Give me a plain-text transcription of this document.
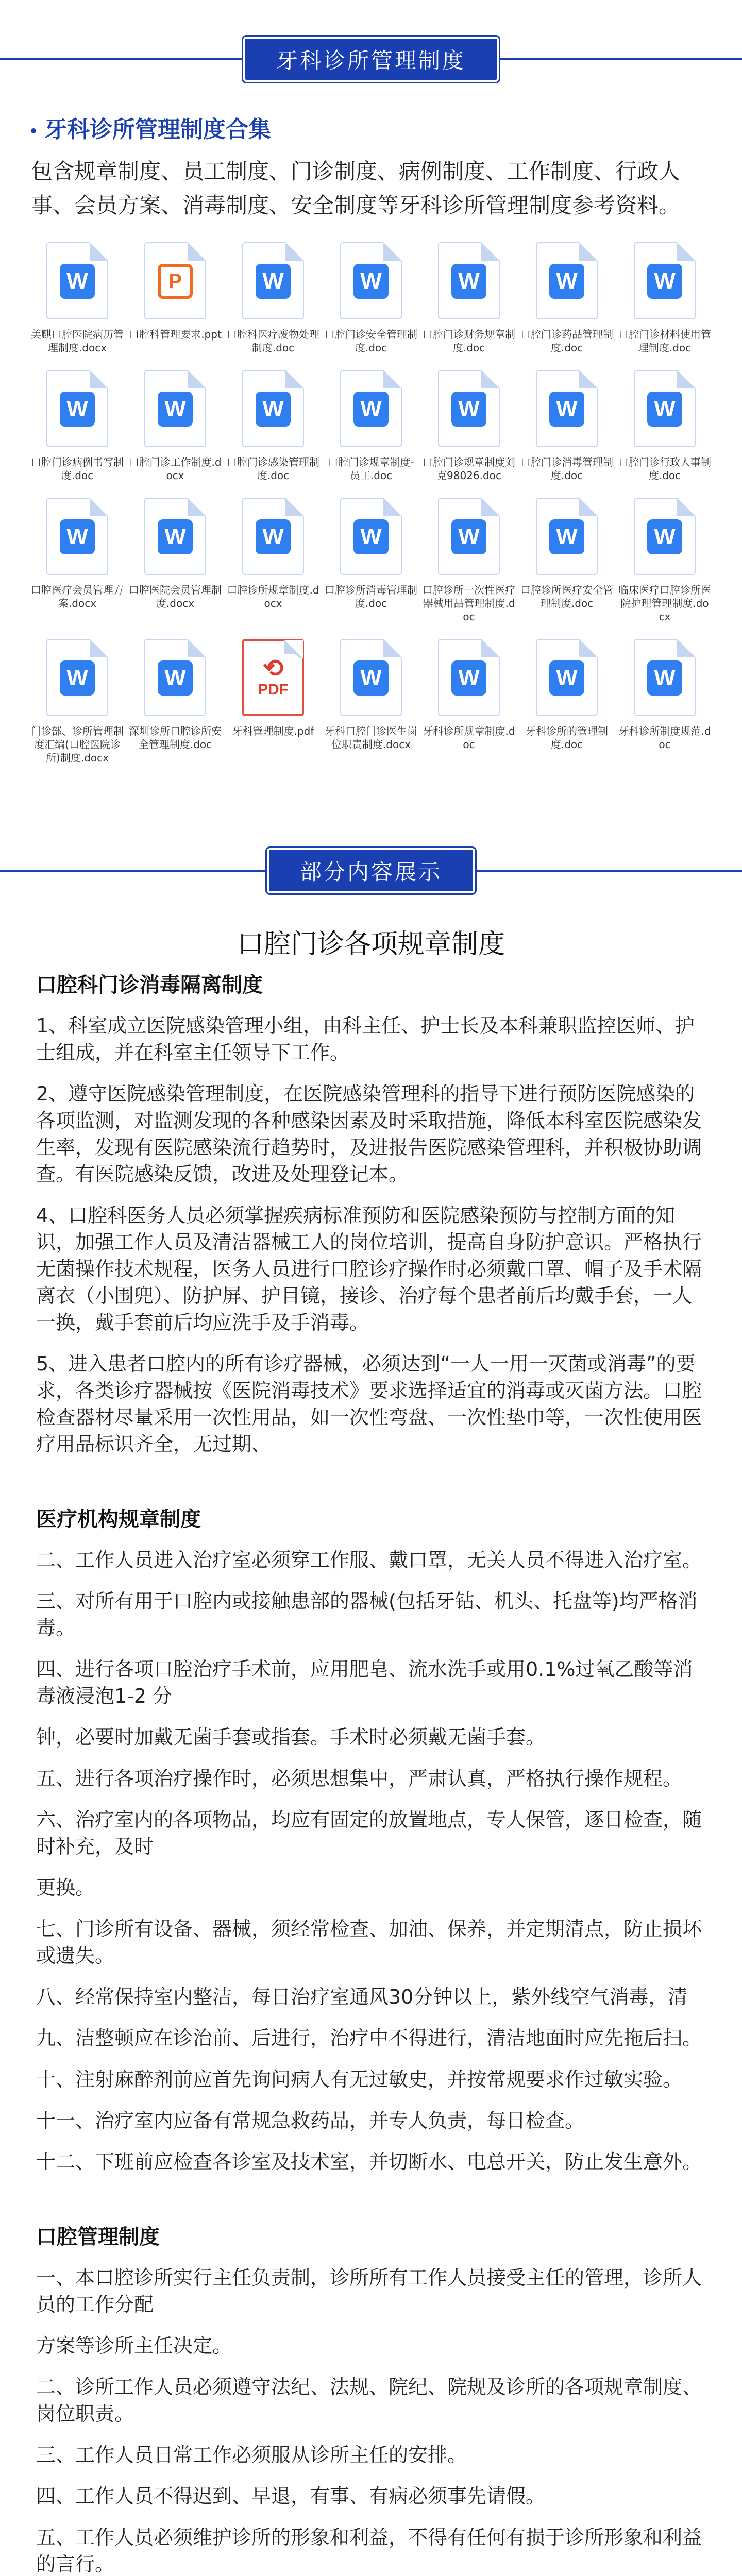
牙科诊所管理制度
牙科诊所管理制度合集
包含规章制度、员工制度、门诊制度、病例制度、工作制度、行政人事、会员方案、消毒制度、安全制度等牙科诊所管理制度参考资料。
W
美麒口腔医院病历管理制度.docx
P
口腔科管理要求.ppt
W
口腔科医疗废物处理制度.doc
W
口腔门诊安全管理制度.doc
W
口腔门诊财务规章制度.doc
W
口腔门诊药品管理制度.doc
W
口腔门诊材料使用管理制度.doc
W
口腔门诊病例书写制度.doc
W
口腔门诊工作制度.docx
W
口腔门诊感染管理制度.doc
W
口腔门诊规章制度-员工.doc
W
口腔门诊规章制度刘克98026.doc
W
口腔门诊消毒管理制度.doc
W
口腔门诊行政人事制度.doc
W
口腔医疗会员管理方案.docx
W
口腔医院会员管理制度.docx
W
口腔诊所规章制度.docx
W
口腔诊所消毒管理制度.doc
W
口腔诊所一次性医疗器械用品管理制度.doc
W
口腔诊所医疗安全管理制度.doc
W
临床医疗口腔诊所医院护理管理制度.docx
W
门诊部、诊所管理制度汇编(口腔医院诊所)制度.docx
W
深圳诊所口腔诊所安全管理制度.doc
⟲
PDF
牙科管理制度.pdf
W
牙科口腔门诊医生岗位职责制度.docx
W
牙科诊所规章制度.doc
W
牙科诊所的管理制度.doc
W
牙科诊所制度规范.doc
部分内容展示
口腔门诊各项规章制度
口腔科门诊消毒隔离制度

1、科室成立医院感染管理小组，由科主任、护士长及本科兼职监控医师、护士组成，并在科室主任领导下工作。

2、遵守医院感染管理制度，在医院感染管理科的指导下进行预防医院感染的各项监测，对监测发现的各种感染因素及时采取措施，降低本科室医院感染发生率，发现有医院感染流行趋势时，及进报告医院感染管理科，并积极协助调查。有医院感染反馈，改进及处理登记本。

4、口腔科医务人员必须掌握疾病标准预防和医院感染预防与控制方面的知识，加强工作人员及清洁器械工人的岗位培训，提高自身防护意识。严格执行无菌操作技术规程，医务人员进行口腔诊疗操作时必须戴口罩、帽子及手术隔离衣（小围兜）、防护屏、护目镜，接诊、治疗每个患者前后均戴手套，一人一换，戴手套前后均应洗手及手消毒。

5、进入患者口腔内的所有诊疗器械，必须达到“一人一用一灭菌或消毒”的要求，各类诊疗器械按《医院消毒技术》要求选择适宜的消毒或灭菌方法。口腔检查器材尽量采用一次性用品，如一次性弯盘、一次性垫巾等，一次性使用医疗用品标识齐全，无过期、

医疗机构规章制度

二、工作人员进入治疗室必须穿工作服、戴口罩，无关人员不得进入治疗室。

三、对所有用于口腔内或接触患部的器械(包括牙钻、机头、托盘等)均严格消毒。

四、进行各项口腔治疗手术前，应用肥皂、流水洗手或用0.1%过氧乙酸等消毒液浸泡1-2 分

钟，必要时加戴无菌手套或指套。手术时必须戴无菌手套。

五、进行各项治疗操作时，必须思想集中，严肃认真，严格执行操作规程。

六、治疗室内的各项物品，均应有固定的放置地点，专人保管，逐日检查，随时补充，及时

更换。

七、门诊所有设备、器械，须经常检查、加油、保养，并定期清点，防止损坏或遗失。

八、经常保持室内整洁，每日治疗室通风30分钟以上，紫外线空气消毒，清

九、洁整顿应在诊治前、后进行，治疗中不得进行，清洁地面时应先拖后扫。

十、注射麻醉剂前应首先询问病人有无过敏史，并按常规要求作过敏实验。

十一、治疗室内应备有常规急救药品，并专人负责，每日检查。

十二、下班前应检查各诊室及技术室，并切断水、电总开关，防止发生意外。

口腔管理制度

一、本口腔诊所实行主任负责制，诊所所有工作人员接受主任的管理，诊所人员的工作分配

方案等诊所主任决定。

二、诊所工作人员必须遵守法纪、法规、院纪、院规及诊所的各项规章制度、岗位职责。

三、工作人员日常工作必须服从诊所主任的安排。

四、工作人员不得迟到、早退，有事、有病必须事先请假。

五、工作人员必须维护诊所的形象和利益，不得有任何有损于诊所形象和利益的言行。
